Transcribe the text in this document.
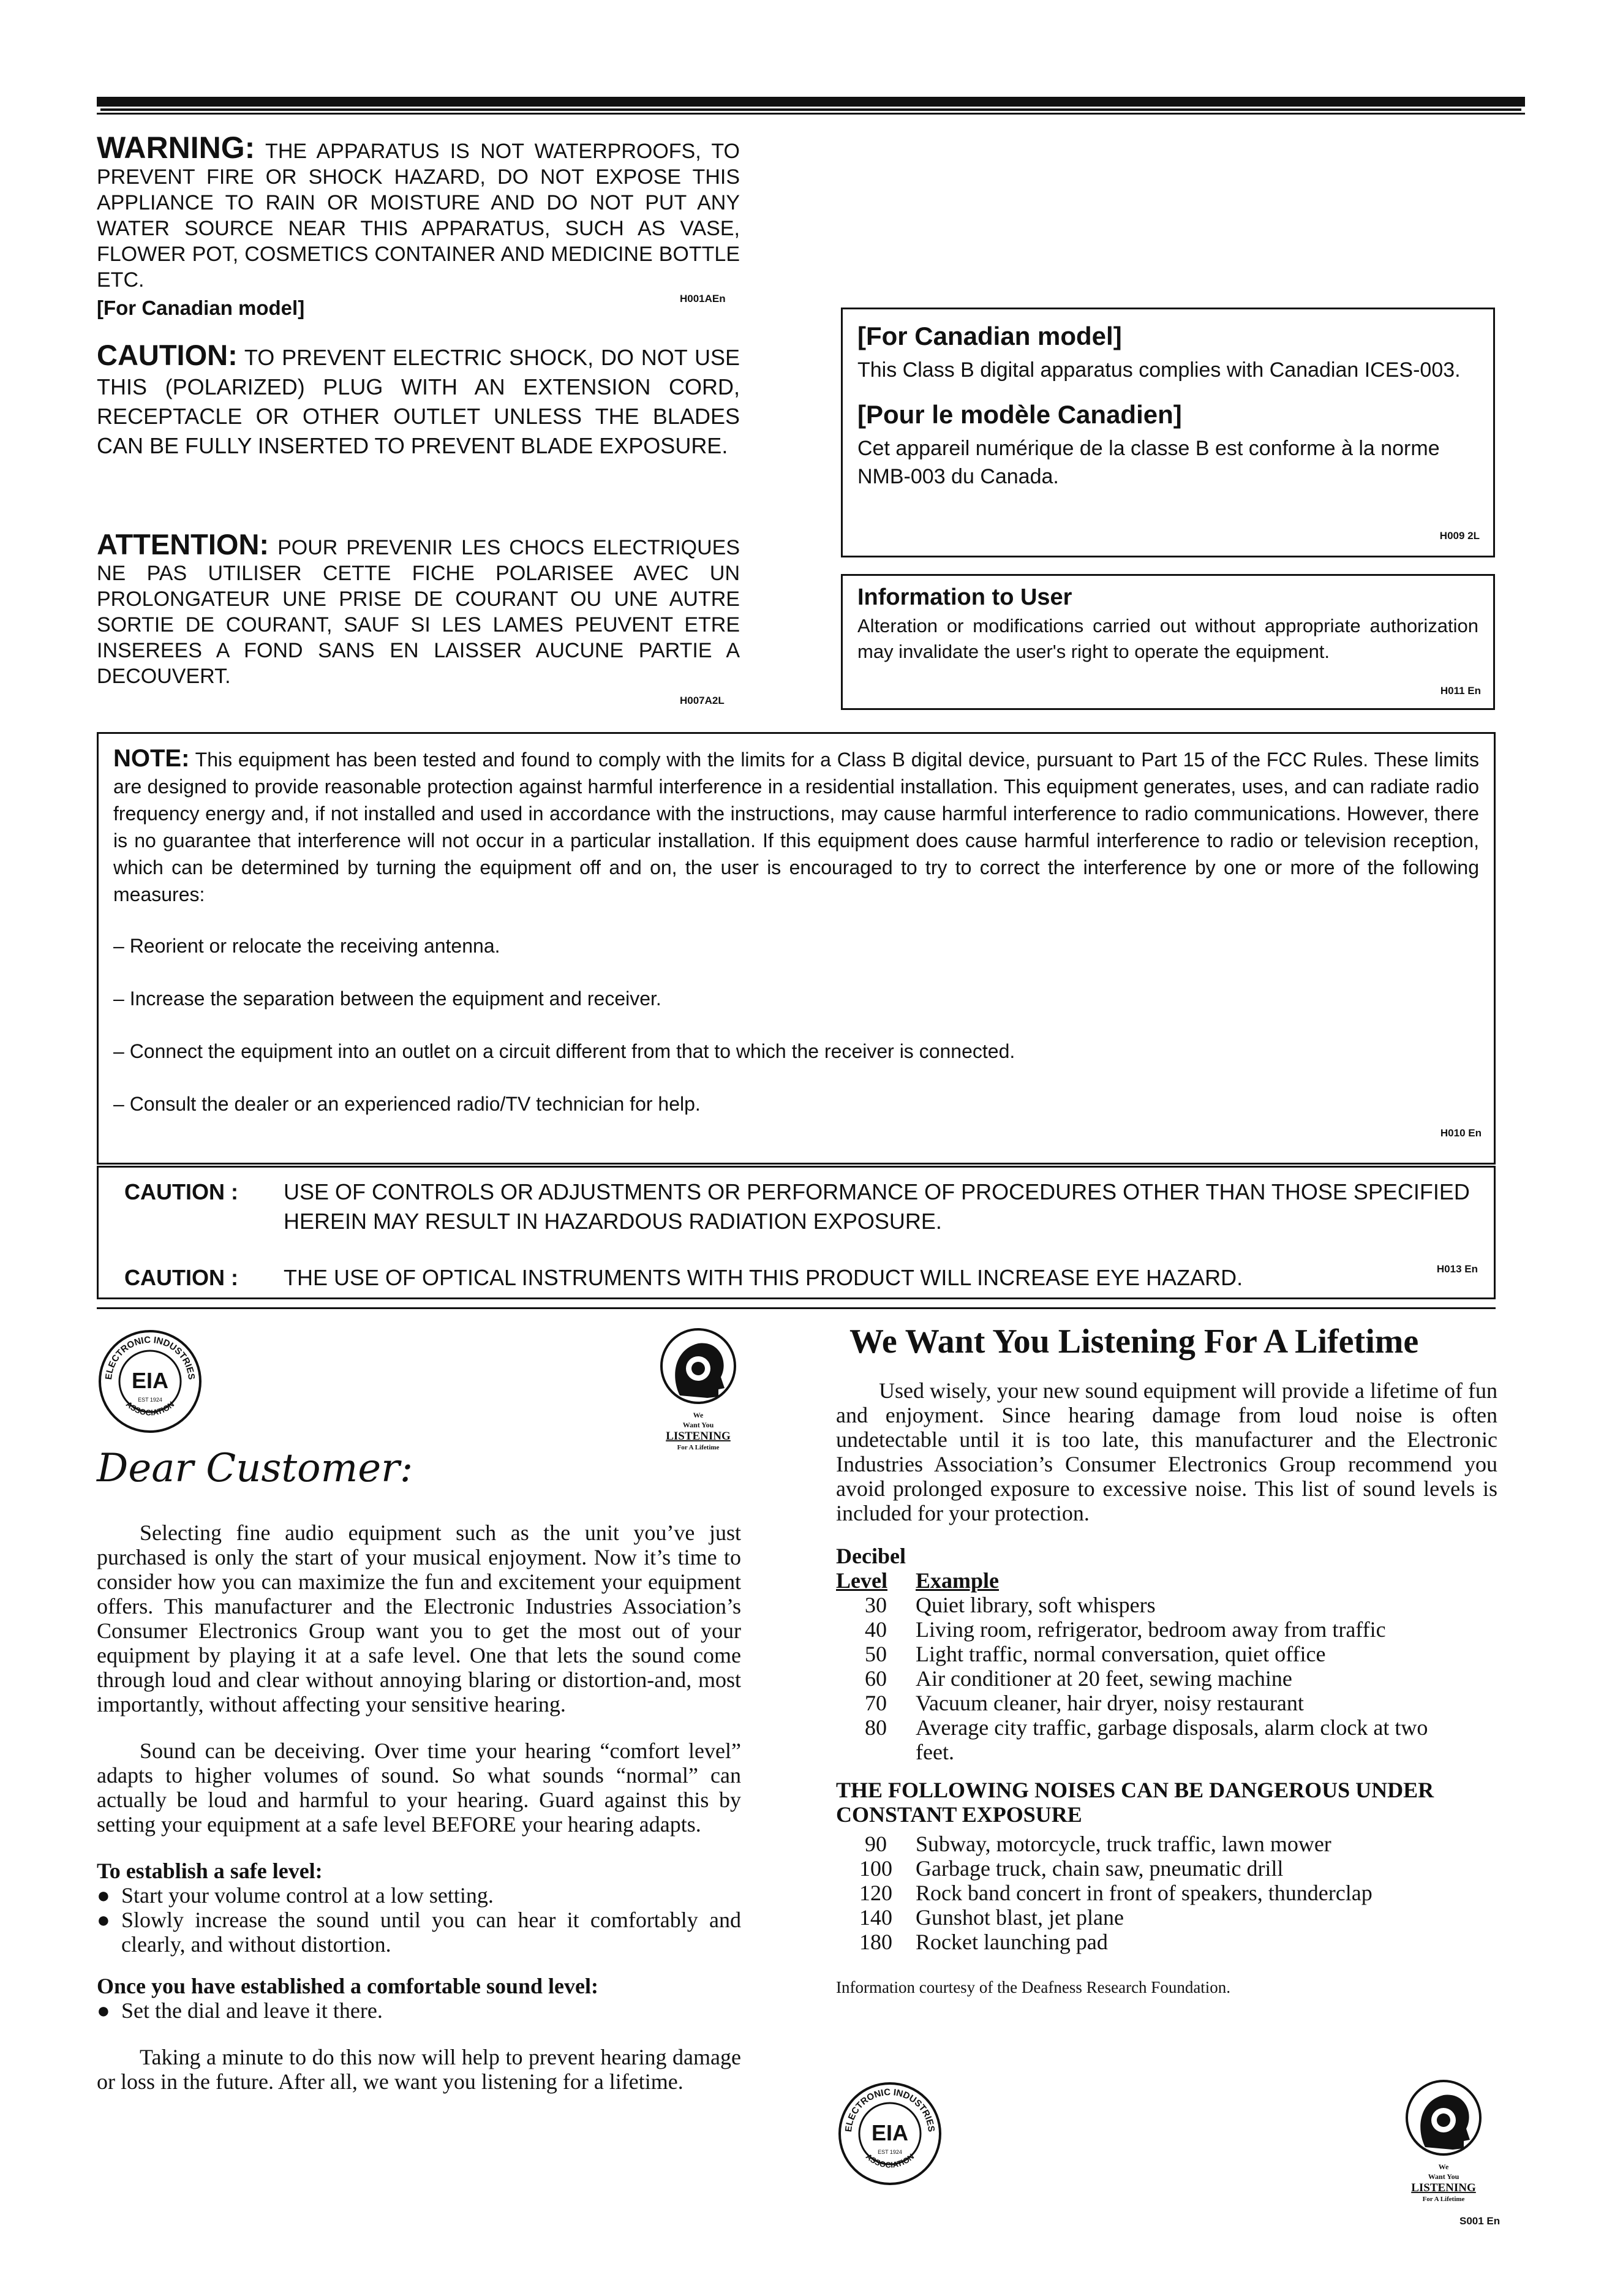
WARNING: THE APPARATUS IS NOT WATERPROOFS, TO PREVENT FIRE OR SHOCK HAZARD, DO NOT EXPOSE THIS APPLIANCE TO RAIN OR MOISTURE AND DO NOT PUT ANY WATER SOURCE NEAR THIS APPARATUS, SUCH AS VASE, FLOWER POT, COSMETICS CONTAINER AND MEDICINE BOTTLE ETC.
H001AEn
[For Canadian model]
CAUTION: TO PREVENT ELECTRIC SHOCK, DO NOT USE THIS (POLARIZED) PLUG WITH AN EXTENSION CORD, RECEPTACLE OR OTHER OUTLET UNLESS THE BLADES CAN BE FULLY INSERTED TO PREVENT BLADE EXPOSURE.
ATTENTION: POUR PREVENIR LES CHOCS ELECTRIQUES NE PAS UTILISER CETTE FICHE POLARISEE AVEC UN PROLONGATEUR UNE PRISE DE COURANT OU UNE AUTRE SORTIE DE COURANT, SAUF SI LES LAMES PEUVENT ETRE INSEREES A FOND SANS EN LAISSER AUCUNE PARTIE A DECOUVERT.
H007A2L
[For Canadian model]
This Class B digital apparatus complies with Canadian ICES-003.
[Pour le modèle Canadien]
Cet appareil numérique de la classe B est conforme à la norme NMB-003 du Canada.
H009 2L
Information to User
Alteration or modifications carried out without appropriate authorization may invalidate the user's right to operate the equipment.
H011 En

NOTE: This equipment has been tested and found to comply with the limits for a Class B digital device, pursuant to Part 15 of the FCC Rules. These limits are designed to provide reasonable protection against harmful interference in a residential installation. This equipment generates, uses, and can radiate radio frequency energy and, if not installed and used in accordance with the instructions, may cause harmful interference to radio communications. However, there is no guarantee that interference will not occur in a particular installation. If this equipment does cause harmful interference to radio or television reception, which can be determined by turning the equipment off and on, the user is encouraged to try to correct the interference by one or more of the following measures:

– Reorient or relocate the receiving antenna.

– Increase the separation between the equipment and receiver.

– Connect the equipment into an outlet on a circuit different from that to which the receiver is connected.

– Consult the dealer or an experienced radio/TV technician for help.

H010 En
CAUTION :	USE OF CONTROLS OR ADJUSTMENTS OR PERFORMANCE OF PROCEDURES OTHER THAN THOSE SPECIFIED HEREIN MAY RESULT IN HAZARDOUS RADIATION EXPOSURE.
CAUTION :	THE USE OF OPTICAL INSTRUMENTS WITH THIS PRODUCT WILL INCREASE EYE HAZARD.	H013 En
ELECTRONIC INDUSTRIES
ASSOCIATION
EIA
EST 1924
We
Want You
LISTENING
For A Lifetime
Dear Customer:

Selecting fine audio equipment such as the unit you’ve just purchased is only the start of your musical enjoyment. Now it’s time to consider how you can maximize the fun and excitement your equipment offers. This manufacturer and the Electronic Industries Association’s Consumer Electronics Group want you to get the most out of your equipment by playing it at a safe level. One that lets the sound come through loud and clear without annoying blaring or distortion-and, most importantly, without affecting your sensitive hearing.

Sound can be deceiving. Over time your hearing “comfort level” adapts to higher volumes of sound. So what sounds “normal” can actually be loud and harmful to your hearing. Guard against this by setting your equipment at a safe level BEFORE your hearing adapts.

To establish a safe level:
● Start your volume control at a low setting.
● Slowly increase the sound until you can hear it comfortably and clearly, and without distortion.
Once you have established a comfortable sound level:
● Set the dial and leave it there.

Taking a minute to do this now will help to prevent hearing damage or loss in the future. After all, we want you listening for a lifetime.

We Want You Listening For A Lifetime

Used wisely, your new sound equipment will provide a lifetime of fun and enjoyment. Since hearing damage from loud noise is often undetectable until it is too late, this manufacturer and the Electronic Industries Association’s Consumer Electronics Group recommend you avoid prolonged exposure to excessive noise. This list of sound levels is included for your protection.

Decibel
Level	Example
30	Quiet library, soft whispers
40	Living room, refrigerator, bedroom away from traffic
50	Light traffic, normal conversation, quiet office
60	Air conditioner at 20 feet, sewing machine
70	Vacuum cleaner, hair dryer, noisy restaurant
80	Average city traffic, garbage disposals, alarm clock at two feet.
THE FOLLOWING NOISES CAN BE DANGEROUS UNDER CONSTANT EXPOSURE
90	Subway, motorcycle, truck traffic, lawn mower
100	Garbage truck, chain saw, pneumatic drill
120	Rock band concert in front of speakers, thunderclap
140	Gunshot blast, jet plane
180	Rocket launching pad
Information courtesy of the Deafness Research Foundation.
ELECTRONIC INDUSTRIES
ASSOCIATION
EIA
EST 1924
We
Want You
LISTENING
For A Lifetime
S001 En
